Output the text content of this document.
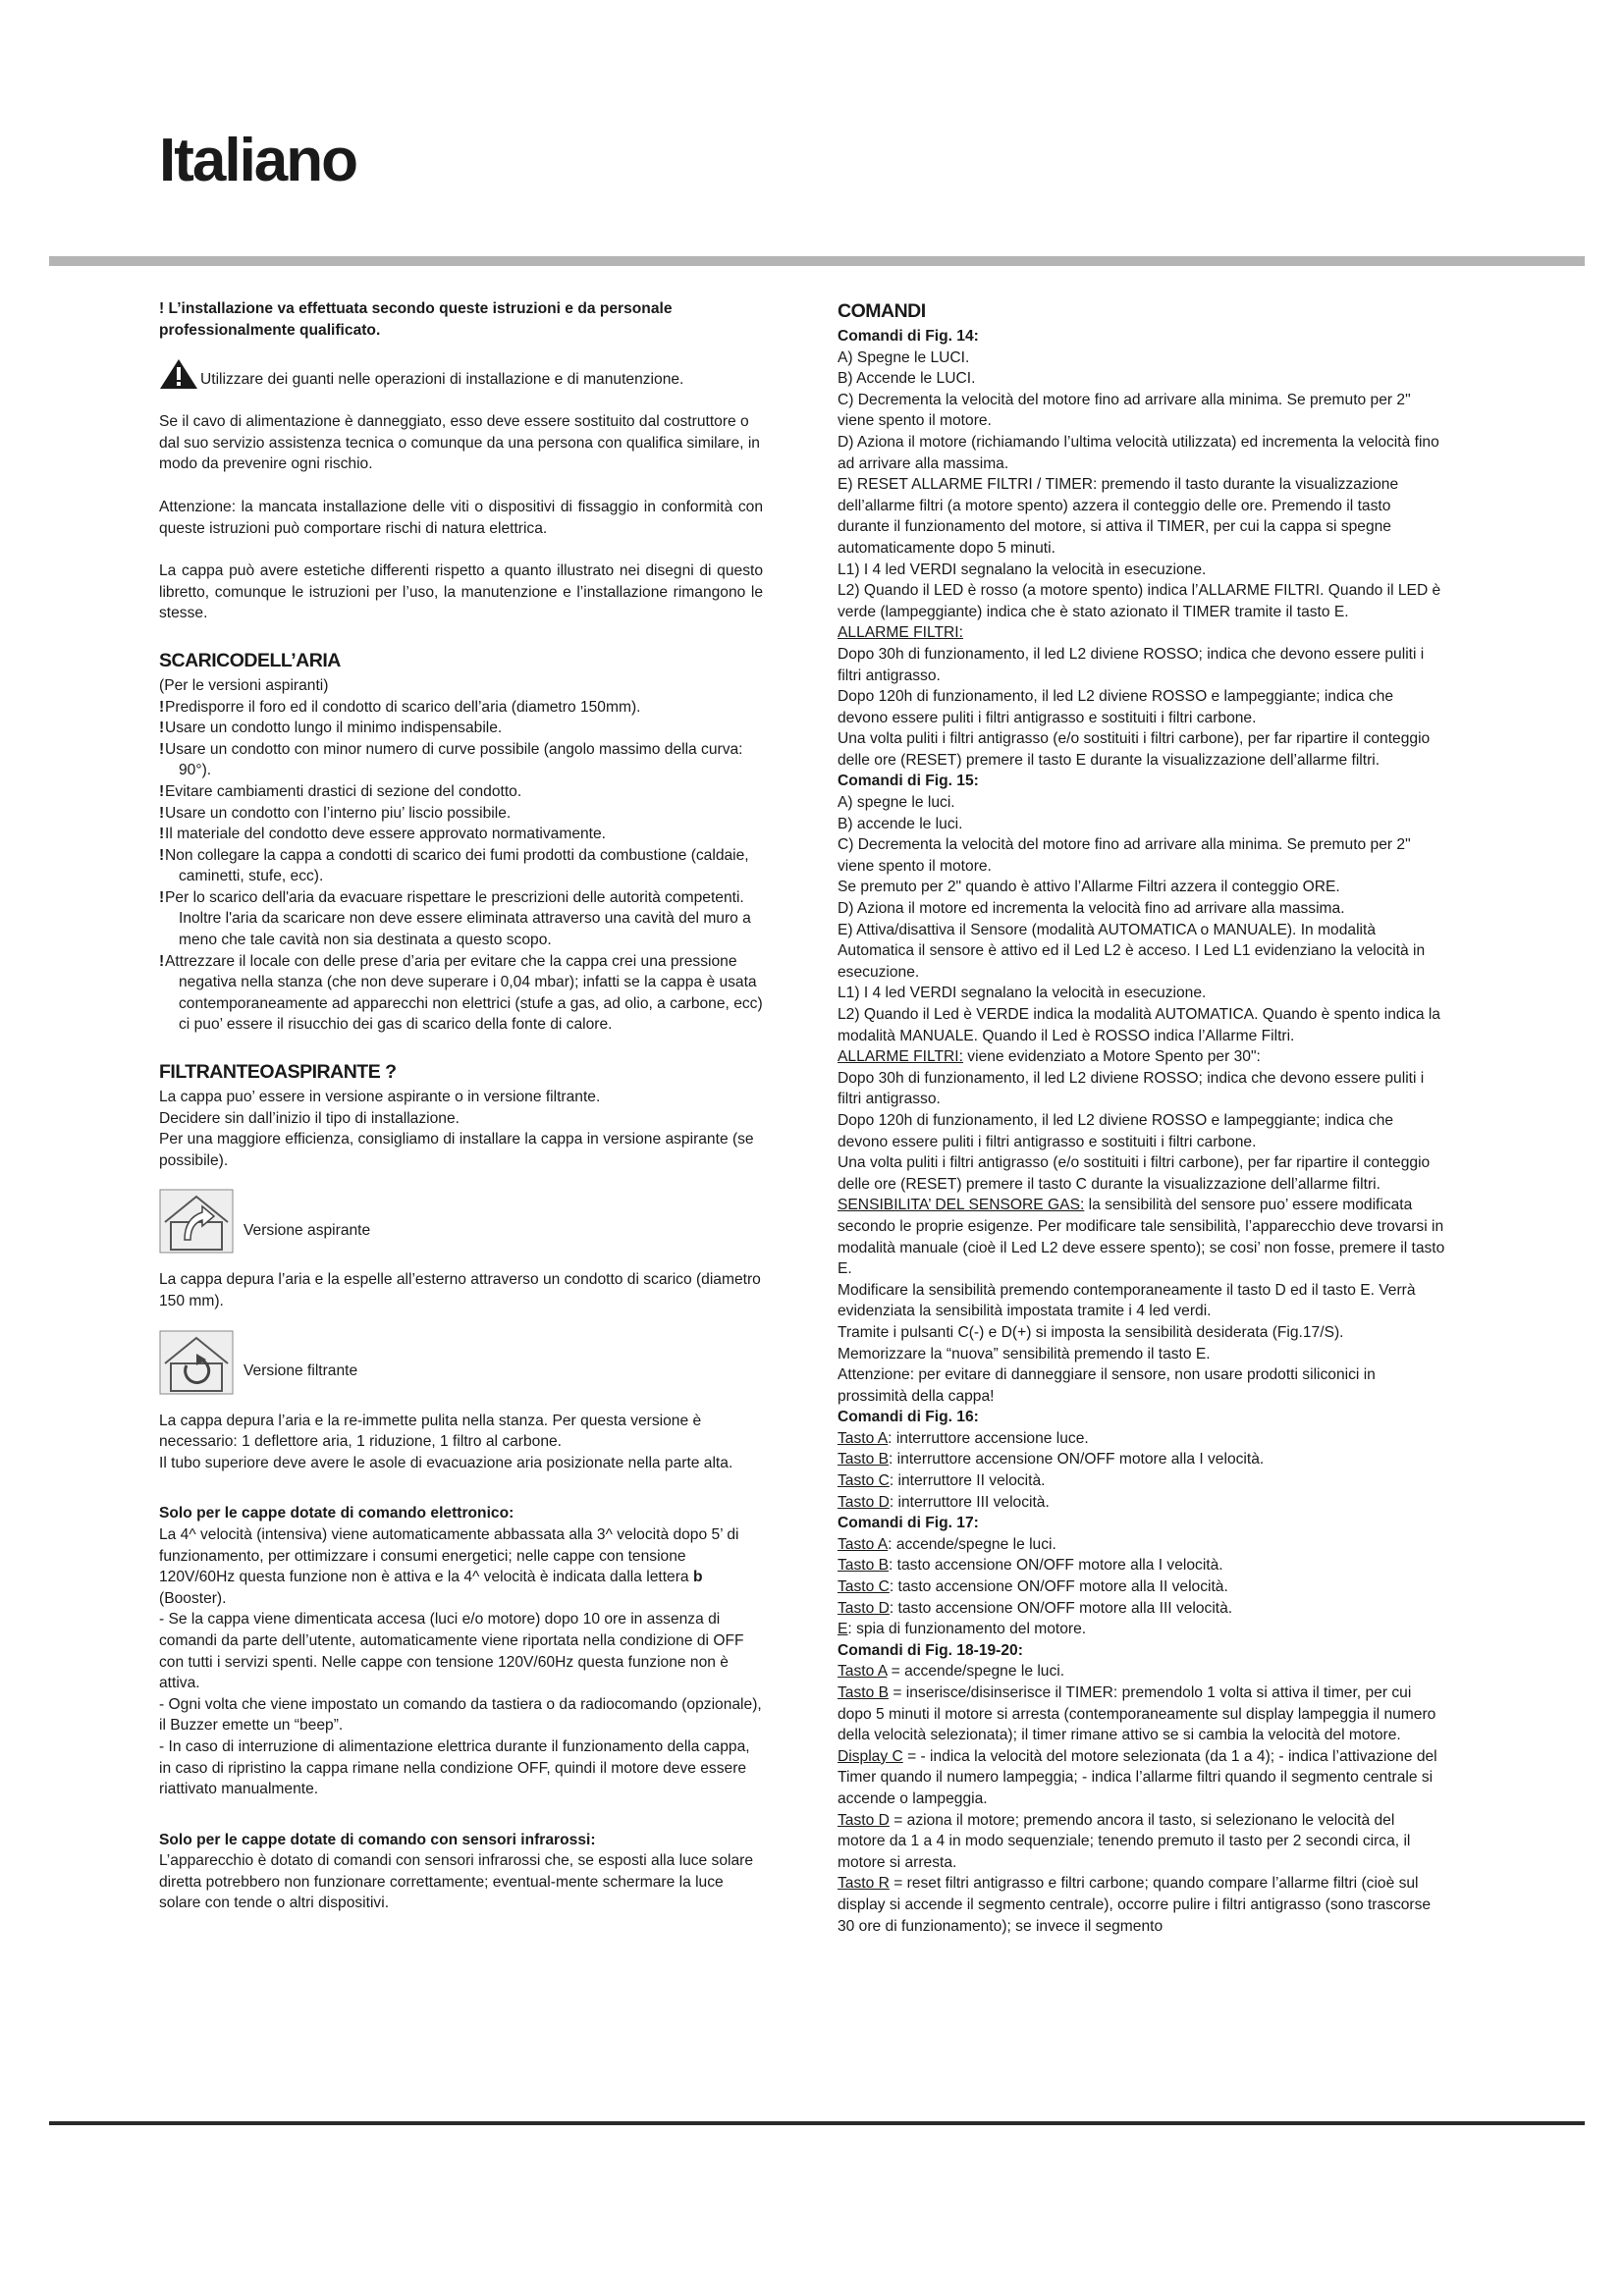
Italiano

! L’installazione va effettuata secondo queste istruzioni e da personale professionalmente qualificato.

Utilizzare dei guanti nelle operazioni di installazione e di manutenzione.

Se il cavo di alimentazione è danneggiato, esso deve essere sostituito dal costruttore o dal suo servizio assistenza tecnica o comunque da una persona con qualifica similare, in modo da prevenire ogni rischio.

Attenzione: la mancata installazione delle viti o dispositivi di fissaggio in conformità con queste istruzioni può comportare rischi di natura elettrica.

La cappa può avere estetiche differenti rispetto a quanto illustrato nei disegni di questo libretto, comunque le istruzioni per l’uso, la manutenzione e l’installazione rimangono le stesse.

SCARICODELL’ARIA

(Per le versioni aspiranti)

!Predisporre il foro ed il condotto di scarico dell’aria (diametro 150mm).

!Usare un condotto lungo il minimo indispensabile.

!Usare un condotto con minor numero di curve possibile (angolo massimo della curva: 90°).

!Evitare cambiamenti drastici di sezione del condotto.

!Usare un condotto con l’interno piu’ liscio possibile.

!Il materiale del condotto deve essere approvato normativamente.

!Non collegare la cappa a condotti di scarico dei fumi prodotti da combustione (caldaie, caminetti, stufe, ecc).

!Per lo scarico dell'aria da evacuare rispettare le prescrizioni delle autorità competenti. Inoltre l'aria da scaricare non deve essere eliminata attraverso una cavità del muro a meno che tale cavità non sia destinata a questo scopo.

!Attrezzare il locale con delle prese d’aria per evitare che la cappa crei una pressione negativa nella stanza (che non deve superare i 0,04 mbar); infatti se la cappa è usata contemporaneamente ad apparecchi non elettrici (stufe a gas, ad olio, a carbone, ecc) ci puo’ essere il risucchio dei gas di scarico della fonte di calore.

FILTRANTEOASPIRANTE ?

La cappa puo’ essere in versione aspirante o in versione filtrante.

Decidere sin dall’inizio il tipo di installazione.

Per una maggiore efficienza, consigliamo di installare la cappa in versione aspirante (se possibile).

Versione aspirante

La cappa depura l’aria e la espelle all’esterno attraverso un condotto di scarico (diametro 150 mm).

Versione filtrante

La cappa depura l’aria e la re-immette pulita nella stanza. Per questa versione è necessario: 1 deflettore aria, 1 riduzione, 1 filtro al carbone.

Il tubo superiore deve avere le asole di evacuazione aria posizionate nella parte alta.

Solo per le cappe dotate di comando elettronico:

La 4^ velocità (intensiva) viene automaticamente abbassata alla 3^ velocità dopo 5’ di funzionamento, per ottimizzare i consumi energetici; nelle cappe con tensione 120V/60Hz questa funzione non è attiva e la 4^ velocità è indicata dalla lettera b (Booster).

- Se la cappa viene dimenticata accesa (luci e/o motore) dopo 10 ore in assenza di comandi da parte dell’utente, automaticamente viene riportata nella condizione di OFF con tutti i servizi spenti. Nelle cappe con tensione 120V/60Hz questa funzione non è attiva.

- Ogni volta che viene impostato un comando da tastiera o da radiocomando (opzionale), il Buzzer emette un “beep”.

- In caso di interruzione di alimentazione elettrica durante il funzionamento della cappa, in caso di ripristino la cappa rimane nella condizione OFF, quindi il motore deve essere riattivato manualmente.

Solo per le cappe dotate di comando con sensori infrarossi:

L’apparecchio è dotato di comandi con sensori infrarossi che, se esposti alla luce solare diretta potrebbero non funzionare correttamente; eventual-mente schermare la luce solare con tende o altri dispositivi.

COMANDI

Comandi di Fig. 14:

A) Spegne le LUCI.

B) Accende le LUCI.

C) Decrementa la velocità del motore fino ad arrivare alla minima. Se premuto per 2" viene spento il motore.

D) Aziona il motore (richiamando l’ultima velocità utilizzata) ed incrementa la velocità fino ad arrivare alla massima.

E) RESET ALLARME FILTRI / TIMER: premendo il tasto durante la visualizzazione dell’allarme filtri (a motore spento) azzera il conteggio delle ore. Premendo il tasto durante il funzionamento del motore, si attiva il TIMER, per cui la cappa si spegne automaticamente dopo 5 minuti.

L1) I 4 led VERDI segnalano la velocità in esecuzione.

L2) Quando il LED è rosso (a motore spento) indica l’ALLARME FILTRI. Quando il LED è verde (lampeggiante) indica che è stato azionato il TIMER tramite il tasto E.

ALLARME FILTRI:

Dopo 30h di funzionamento, il led L2 diviene ROSSO; indica che devono essere puliti i filtri antigrasso.

Dopo 120h di funzionamento, il led L2 diviene ROSSO e lampeggiante; indica che devono essere puliti i filtri antigrasso e sostituiti i filtri carbone.

Una volta puliti i filtri antigrasso (e/o sostituiti i filtri carbone), per far ripartire il conteggio delle ore (RESET) premere il tasto E durante la visualizzazione dell’allarme filtri.

Comandi di Fig. 15:

A) spegne le luci.

B) accende le luci.

C) Decrementa la velocità del motore fino ad arrivare alla minima. Se premuto per 2" viene spento il motore.

Se premuto per 2" quando è attivo l’Allarme Filtri azzera il conteggio ORE.

D) Aziona il motore ed incrementa la velocità fino ad arrivare alla massima.

E) Attiva/disattiva il Sensore (modalità AUTOMATICA o MANUALE). In modalità Automatica il sensore è attivo ed il Led L2 è acceso. I Led L1 evidenziano la velocità in esecuzione.

L1) I 4 led VERDI segnalano la velocità in esecuzione.

L2) Quando il Led è VERDE indica la modalità AUTOMATICA. Quando è spento indica la modalità MANUALE. Quando il Led è ROSSO indica l’Allarme Filtri.

ALLARME FILTRI: viene evidenziato a Motore Spento per 30":

Dopo 30h di funzionamento, il led L2 diviene ROSSO; indica che devono essere puliti i filtri antigrasso.

Dopo 120h di funzionamento, il led L2 diviene ROSSO e lampeggiante; indica che devono essere puliti i filtri antigrasso e sostituiti i filtri carbone.

Una volta puliti i filtri antigrasso (e/o sostituiti i filtri carbone), per far ripartire il conteggio delle ore (RESET) premere il tasto C durante la visualizzazione dell’allarme filtri.

SENSIBILITA’ DEL SENSORE GAS: la sensibilità del sensore puo’ essere modificata secondo le proprie esigenze. Per modificare tale sensibilità, l’apparecchio deve trovarsi in modalità manuale (cioè il Led L2 deve essere spento); se cosi’ non fosse, premere il tasto E.

Modificare la sensibilità premendo contemporaneamente il tasto D ed il tasto E. Verrà evidenziata la sensibilità impostata tramite i 4 led verdi.

Tramite i pulsanti C(-) e D(+) si imposta la sensibilità desiderata (Fig.17/S).

Memorizzare la “nuova” sensibilità premendo il tasto E.

Attenzione: per evitare di danneggiare il sensore, non usare prodotti siliconici in prossimità della cappa!

Comandi di Fig. 16:

Tasto A: interruttore accensione luce.

Tasto B: interruttore accensione ON/OFF motore alla I velocità.

Tasto C: interruttore II velocità.

Tasto D: interruttore III velocità.

Comandi di Fig. 17:

Tasto A: accende/spegne le luci.

Tasto B: tasto accensione ON/OFF motore alla I velocità.

Tasto C: tasto accensione ON/OFF motore alla II velocità.

Tasto D: tasto accensione ON/OFF motore alla III velocità.

E: spia di funzionamento del motore.

Comandi di Fig. 18-19-20:

Tasto A = accende/spegne le luci.

Tasto B = inserisce/disinserisce il TIMER: premendolo 1 volta si attiva il timer, per cui dopo 5 minuti il motore si arresta (contemporaneamente sul display lampeggia il numero della velocità selezionata); il timer rimane attivo se si cambia la velocità del motore.

Display C = - indica la velocità del motore selezionata (da 1 a 4); - indica l’attivazione del Timer quando il numero lampeggia; - indica l’allarme filtri quando il segmento centrale si accende o lampeggia.

Tasto D = aziona il motore; premendo ancora il tasto, si selezionano le velocità del motore da 1 a 4 in modo sequenziale; tenendo premuto il tasto per 2 secondi circa, il motore si arresta.

Tasto R = reset filtri antigrasso e filtri carbone; quando compare l’allarme filtri (cioè sul display si accende il segmento centrale), occorre pulire i filtri antigrasso (sono trascorse 30 ore di funzionamento); se invece il segmento
